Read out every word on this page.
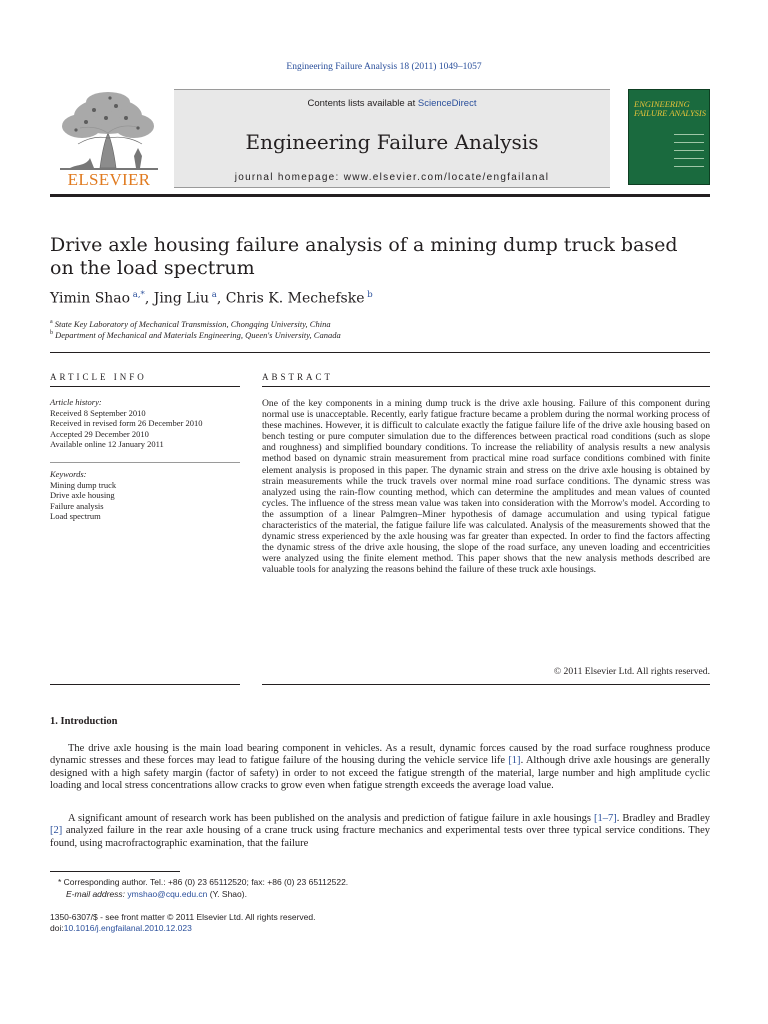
Engineering Failure Analysis 18 (2011) 1049–1057
ELSEVIER
Contents lists available at ScienceDirect
Engineering Failure Analysis
journal homepage: www.elsevier.com/locate/engfailanal
ENGINEERING FAILURE ANALYSIS
Drive axle housing failure analysis of a mining dump truck based
on the load spectrum
Yimin Shao $^{a,*}$, Jing Liu $^a$, Chris K. Mechefske $^b$
$^a$ State Key Laboratory of Mechanical Transmission, Chongqing University, China
$^b$ Department of Mechanical and Materials Engineering, Queen's University, Canada
ARTICLE INFO	ABSTRACT
Article history:
Received 8 September 2010
Received in revised form 26 December 2010
Accepted 29 December 2010
Available online 12 January 2011
Keywords:
Mining dump truck
Drive axle housing
Failure analysis
Load spectrum
One of the key components in a mining dump truck is the drive axle housing. Failure of this component during normal use is unacceptable. Recently, early fatigue fracture became a problem during the normal working process of these machines. However, it is difficult to calculate exactly the fatigue failure life of the drive axle housing based on bench testing or pure computer simulation due to the differences between practical road conditions (such as slope and roughness) and simplified boundary conditions. To increase the reliability of analysis results a new analysis method based on dynamic strain measurement from practical mine road surface conditions combined with finite element analysis is proposed in this paper. The dynamic strain and stress on the drive axle housing is obtained by strain measurements while the truck travels over normal mine road surface conditions. The dynamic stress was analyzed using the rain-flow counting method, which can determine the amplitudes and mean values of counted cycles. The influence of the stress mean value was taken into consideration with the Morrow's model. According to the assumption of a linear Palmgren–Miner hypothesis of damage accumulation and using typical fatigue characteristics of the material, the fatigue failure life was calculated. Analysis of the measurements showed that the dynamic stress experienced by the axle housing was far greater than expected. In order to find the factors affecting the dynamic stress of the drive axle housing, the slope of the road surface, any uneven loading and eccentricities were analyzed using the finite element method. This paper shows that the new analysis methods described are valuable tools for analyzing the reasons behind the failure of these truck axle housings.
© 2011 Elsevier Ltd. All rights reserved.
1. Introduction
The drive axle housing is the main load bearing component in vehicles. As a result, dynamic forces caused by the road surface roughness produce dynamic stresses and these forces may lead to fatigue failure of the housing during the vehicle service life [1]. Although drive axle housings are generally designed with a high safety margin (factor of safety) in order to not exceed the fatigue strength of the material, large number and high amplitude cyclic loading and local stress concentrations allow cracks to grow even when fatigue strength exceeds the average load value.
A significant amount of research work has been published on the analysis and prediction of fatigue failure in axle housings [1–7]. Bradley and Bradley [2] analyzed failure in the rear axle housing of a crane truck using fracture mechanics and experimental tests over three typical service conditions. They found, using macrofractographic examination, that the failure
* Corresponding author. Tel.: +86 (0) 23 65112520; fax: +86 (0) 23 65112522.
E-mail address: ymshao@cqu.edu.cn (Y. Shao).
1350-6307/$ - see front matter © 2011 Elsevier Ltd. All rights reserved.
doi:10.1016/j.engfailanal.2010.12.023
